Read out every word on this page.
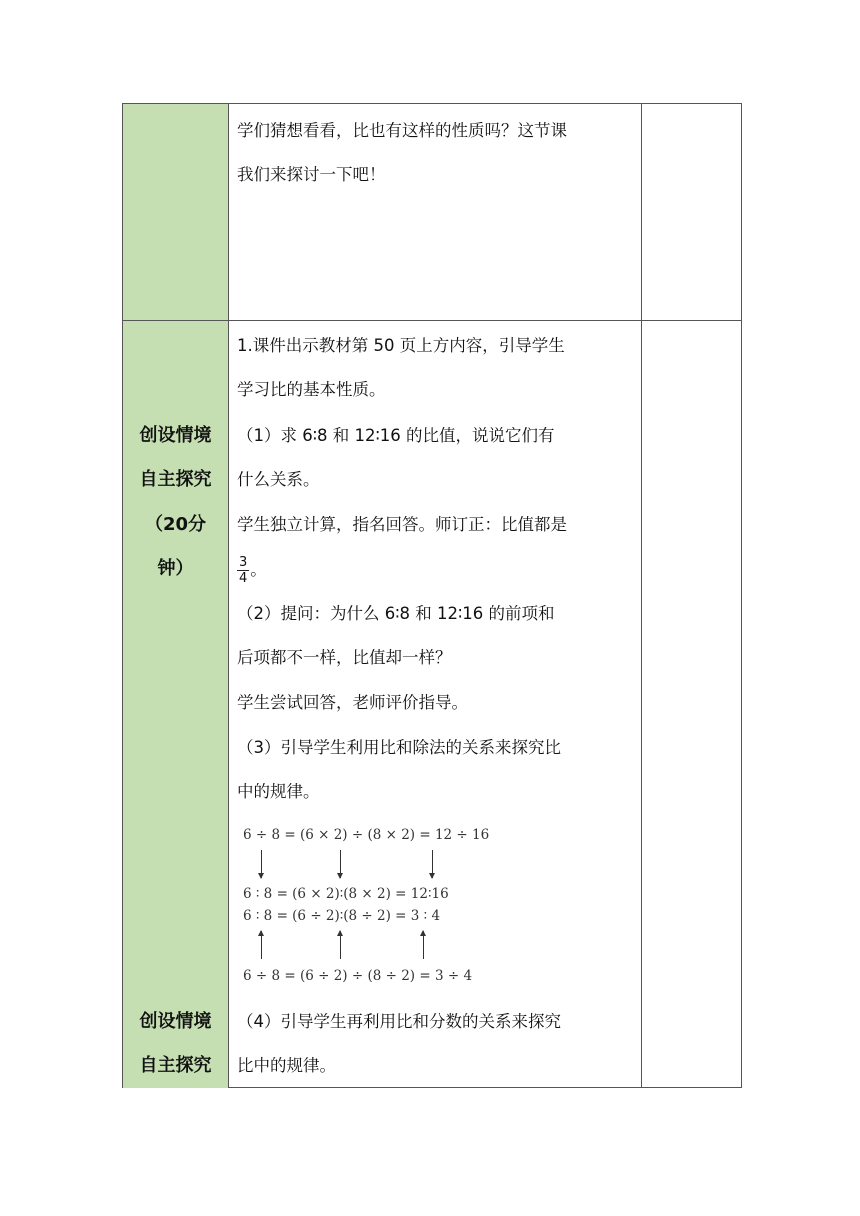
学们猜想看看，比也有这样的性质吗？这节课
我们来探讨一下吧！
创设情境
自主探究
（20分
钟）
创设情境
自主探究
1.课件出示教材第 50 页上方内容，引导学生
学习比的基本性质。
（1）求 6∶8 和 12∶16 的比值，说说它们有
什么关系。
学生独立计算，指名回答。师订正：比值都是
$\frac{3}{4}$ 。
（2）提问：为什么 6∶8 和 12∶16 的前项和
后项都不一样，比值却一样？
学生尝试回答，老师评价指导。
（3）引导学生利用比和除法的关系来探究比
中的规律。
6 ÷ 8 = (6 × 2) ÷ (8 × 2) = 12 ÷ 16
6 ∶ 8 = (6 × 2)∶(8 × 2) = 12∶16
6 ∶ 8 = (6 ÷ 2)∶(8 ÷ 2) = 3 ∶ 4
6 ÷ 8 = (6 ÷ 2) ÷ (8 ÷ 2) = 3 ÷ 4
（4）引导学生再利用比和分数的关系来探究
比中的规律。
